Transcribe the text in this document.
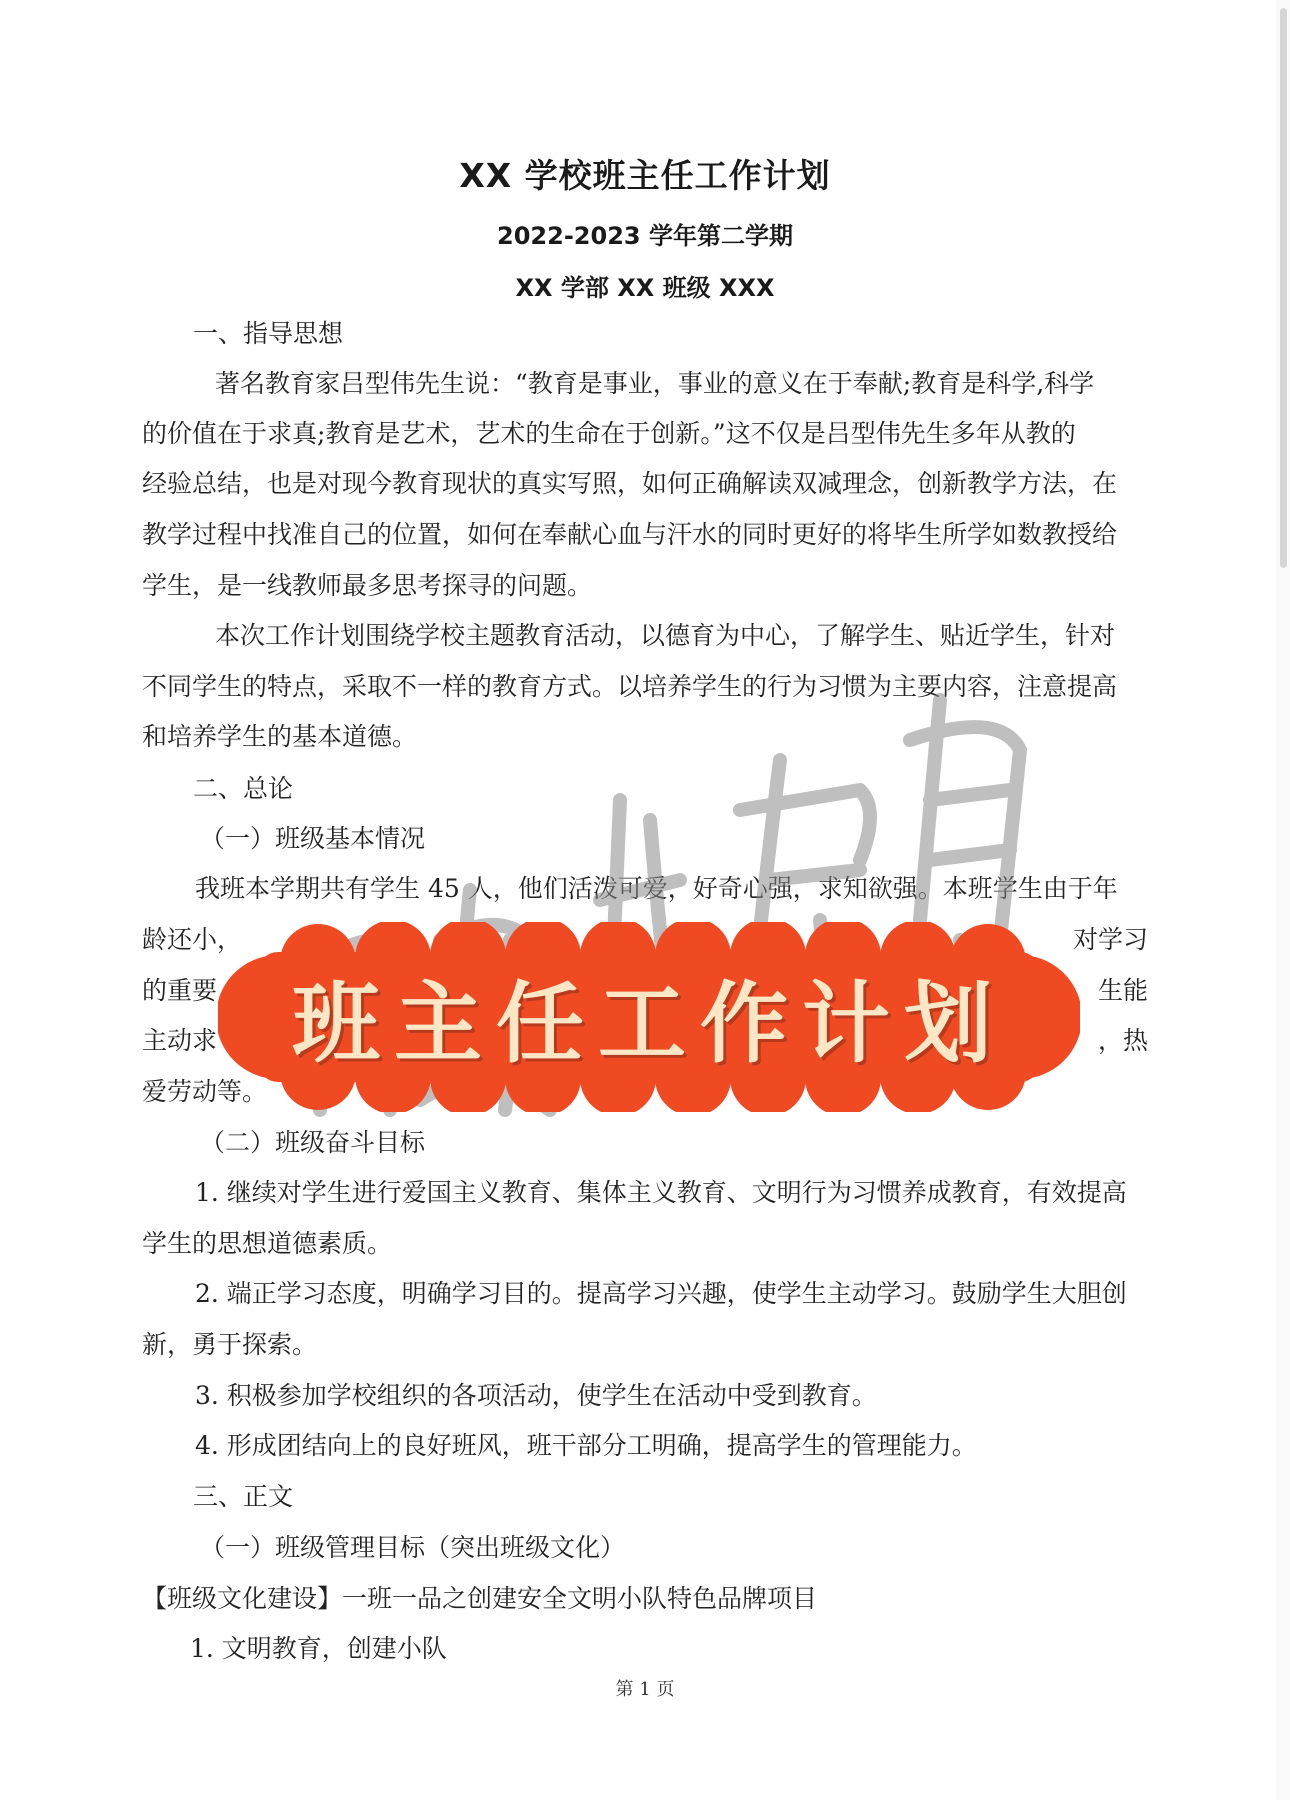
XX 学校班主任工作计划
2022-2023 学年第二学期
XX 学部 XX 班级 XXX
一、指导思想
著名教育家吕型伟先生说：“教育是事业，事业的意义在于奉献;教育是科学,科学
的价值在于求真;教育是艺术，艺术的生命在于创新。”这不仅是吕型伟先生多年从教的
经验总结，也是对现今教育现状的真实写照，如何正确解读双减理念，创新教学方法，在
教学过程中找准自己的位置，如何在奉献心血与汗水的同时更好的将毕生所学如数教授给
学生，是一线教师最多思考探寻的问题。
本次工作计划围绕学校主题教育活动，以德育为中心，了解学生、贴近学生，针对
不同学生的特点，采取不一样的教育方式。以培养学生的行为习惯为主要内容，注意提高
和培养学生的基本道德。
二、总论
（一）班级基本情况
我班本学期共有学生 45 人，他们活泼可爱，好奇心强，求知欲强。本班学生由于年
龄还小，	对学习
的重要	生能
主动求	，热
爱劳动等。
（二）班级奋斗目标
1. 继续对学生进行爱国主义教育、集体主义教育、文明行为习惯养成教育，有效提高
学生的思想道德素质。
2. 端正学习态度，明确学习目的。提高学习兴趣，使学生主动学习。鼓励学生大胆创
新，勇于探索。
3. 积极参加学校组织的各项活动，使学生在活动中受到教育。
4. 形成团结向上的良好班风，班干部分工明确，提高学生的管理能力。
三、正文
（一）班级管理目标（突出班级文化）
【班级文化建设】一班一品之创建安全文明小队特色品牌项目
1. 文明教育，创建小队
第 1 页
班主任工作计划
